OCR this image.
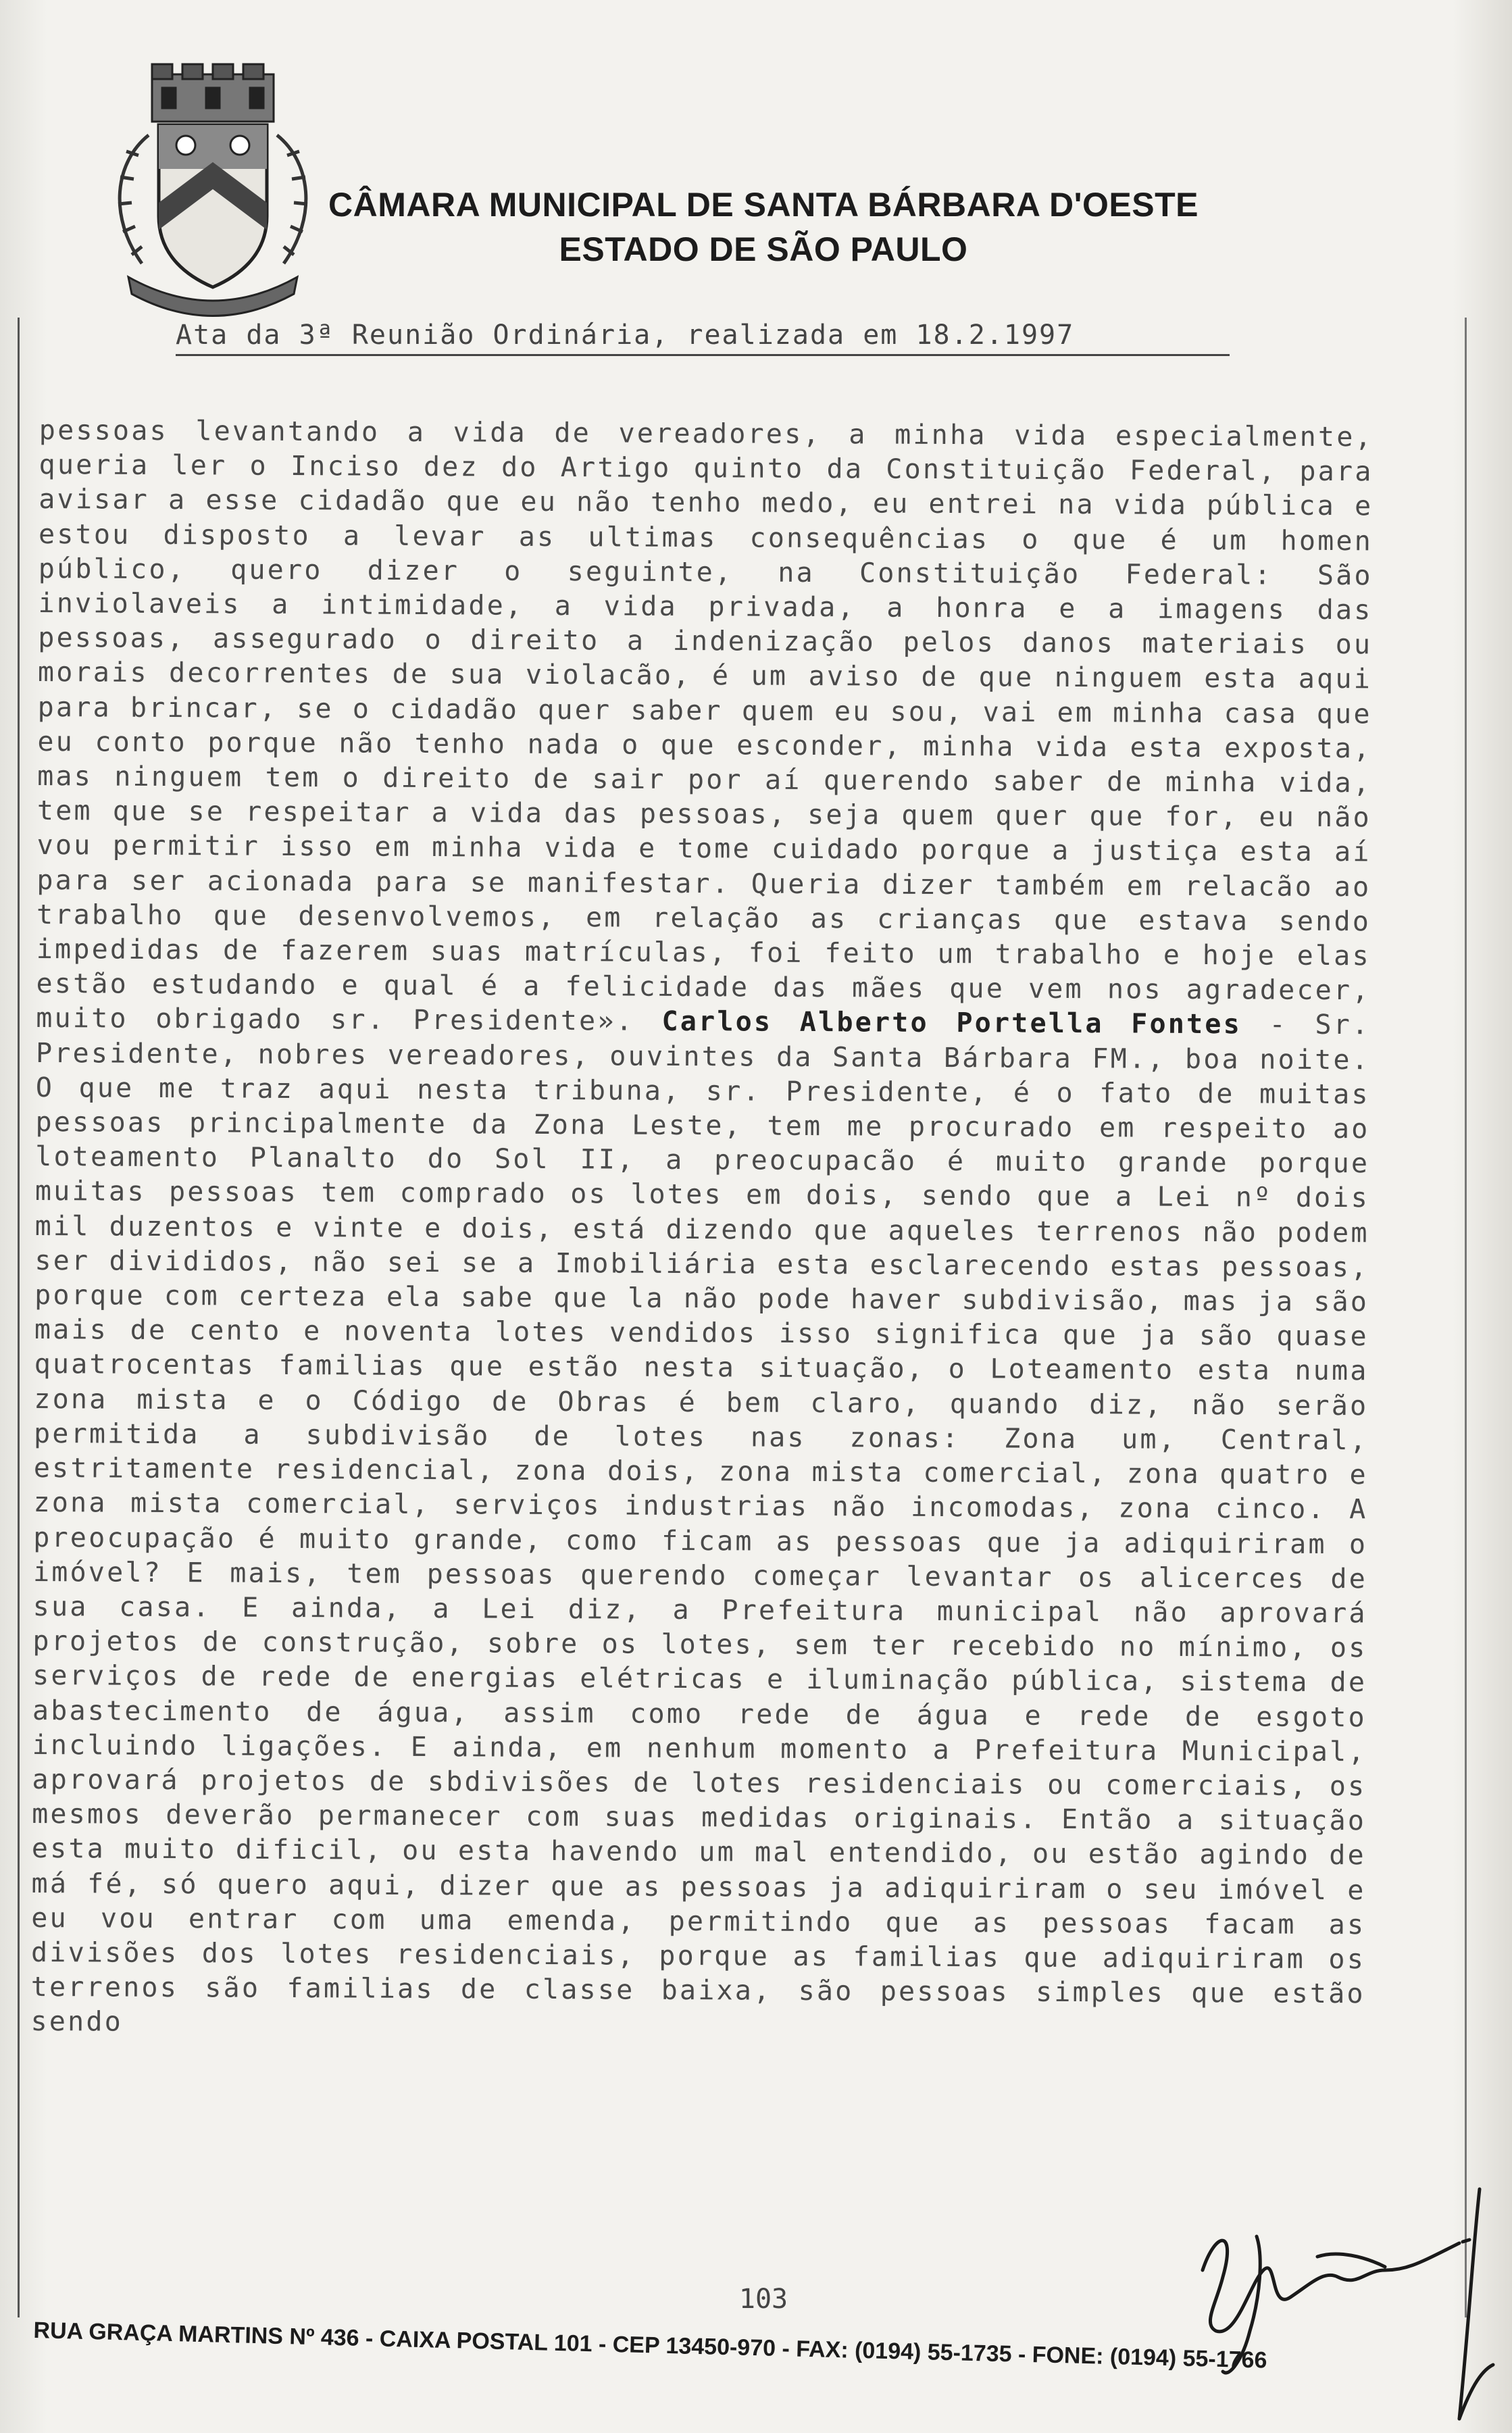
CÂMARA MUNICIPAL DE SANTA BÁRBARA D'OESTE
ESTADO DE SÃO PAULO
Ata da 3ª Reunião Ordinária, realizada em 18.2.1997
pessoas levantando a vida de vereadores, a minha vida especialmente, queria ler o Inciso dez do Artigo quinto da Constituição Federal, para avisar a esse cidadão que eu não tenho medo, eu entrei na vida pública e estou disposto a levar as ultimas consequências o que é um homen público, quero dizer o seguinte, na Constituição Federal: São inviolaveis a intimidade, a vida privada, a honra e a imagens das pessoas, assegurado o direito a indenização pelos danos materiais ou morais decorrentes de sua violacão, é um aviso de que ninguem esta aqui para brincar, se o cidadão quer saber quem eu sou, vai em minha casa que eu conto porque não tenho nada o que esconder, minha vida esta exposta, mas ninguem tem o direito de sair por aí querendo saber de minha vida, tem que se respeitar a vida das pessoas, seja quem quer que for, eu não vou permitir isso em minha vida e tome cuidado porque a justiça esta aí para ser acionada para se manifestar. Queria dizer também em relacão ao trabalho que desenvolvemos, em relação as crianças que estava sendo impedidas de fazerem suas matrículas, foi feito um trabalho e hoje elas estão estudando e qual é a felicidade das mães que vem nos agradecer, muito obrigado sr. Presidente». Carlos Alberto Portella Fontes - Sr. Presidente, nobres vereadores, ouvintes da Santa Bárbara FM., boa noite. O que me traz aqui nesta tribuna, sr. Presidente, é o fato de muitas pessoas principalmente da Zona Leste, tem me procurado em respeito ao loteamento Planalto do Sol II, a preocupacão é muito grande porque muitas pessoas tem comprado os lotes em dois, sendo que a Lei nº dois mil duzentos e vinte e dois, está dizendo que aqueles terrenos não podem ser divididos, não sei se a Imobiliária esta esclarecendo estas pessoas, porque com certeza ela sabe que la não pode haver subdivisão, mas ja são mais de cento e noventa lotes vendidos isso significa que ja são quase quatrocentas familias que estão nesta situação, o Loteamento esta numa zona mista e o Código de Obras é bem claro, quando diz, não serão permitida a subdivisão de lotes nas zonas: Zona um, Central, estritamente residencial, zona dois, zona mista comercial, zona quatro e zona mista comercial, serviços industrias não incomodas, zona cinco. A preocupação é muito grande, como ficam as pessoas que ja adiquiriram o imóvel? E mais, tem pessoas querendo começar levantar os alicerces de sua casa. E ainda, a Lei diz, a Prefeitura municipal não aprovará projetos de construção, sobre os lotes, sem ter recebido no mínimo, os serviços de rede de energias elétricas e iluminação pública, sistema de abastecimento de água, assim como rede de água e rede de esgoto incluindo ligações. E ainda, em nenhum momento a Prefeitura Municipal, aprovará projetos de sbdivisões de lotes residenciais ou comerciais, os mesmos deverão permanecer com suas medidas originais. Então a situação esta muito dificil, ou esta havendo um mal entendido, ou estão agindo de má fé, só quero aqui, dizer que as pessoas ja adiquiriram o seu imóvel e eu vou entrar com uma emenda, permitindo que as pessoas facam as divisões dos lotes residenciais, porque as familias que adiquiriram os terrenos são familias de classe baixa, são pessoas simples que estão sendo
103
RUA GRAÇA MARTINS Nº 436 - CAIXA POSTAL 101 - CEP 13450-970 - FAX: (0194) 55-1735 - FONE: (0194) 55-1766
